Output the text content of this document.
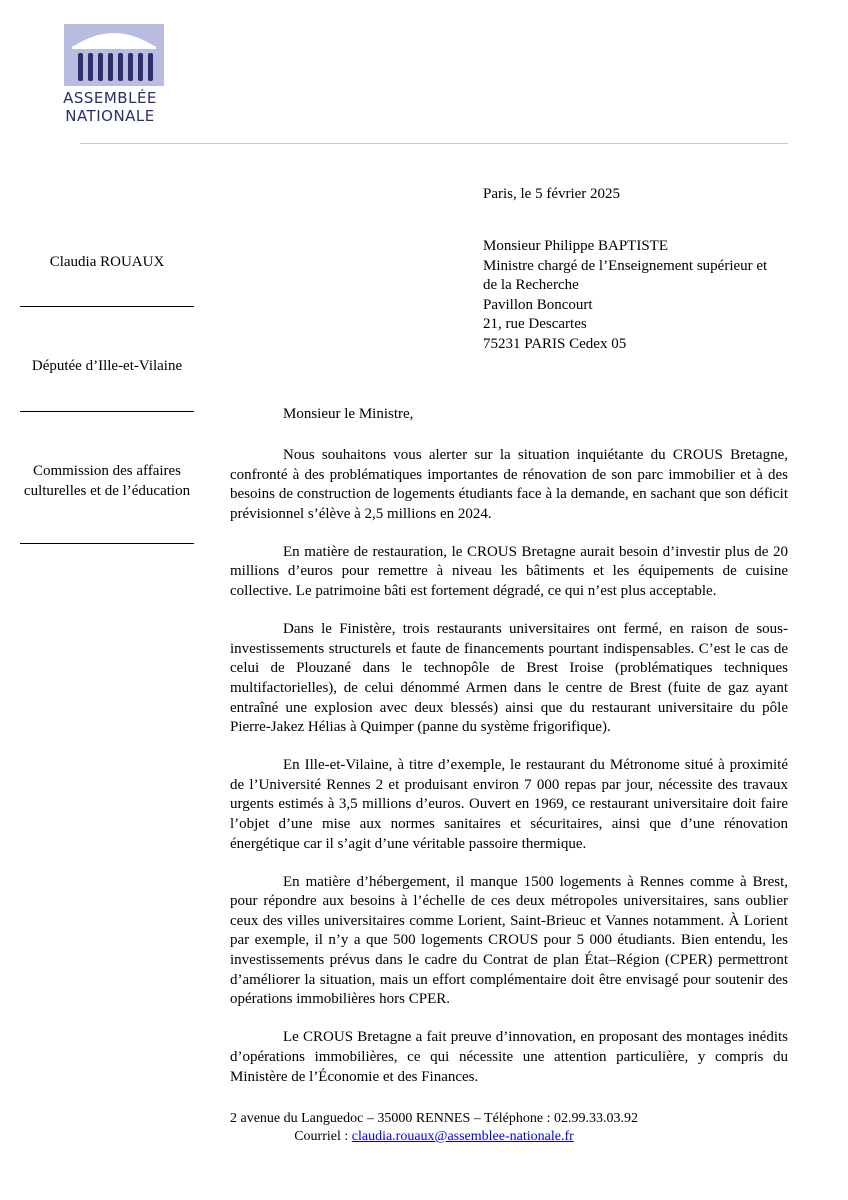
ASSEMBLÉE
NATIONALE
Claudia ROUAUX
Députée d’Ille-et-Vilaine
Commission des affaires culturelles et de l’éducation
Paris, le 5 février 2025
Monsieur Philippe BAPTISTE
Ministre chargé de l’Enseignement supérieur et
de la Recherche
Pavillon Boncourt
21, rue Descartes
75231 PARIS Cedex 05
Monsieur le Ministre,

Nous souhaitons vous alerter sur la situation inquiétante du CROUS Bretagne, confronté à des problématiques importantes de rénovation de son parc immobilier et à des besoins de construction de logements étudiants face à la demande, en sachant que son déficit prévisionnel s’élève à 2,5 millions en 2024.

En matière de restauration, le CROUS Bretagne aurait besoin d’investir plus de 20 millions d’euros pour remettre à niveau les bâtiments et les équipements de cuisine collective. Le patrimoine bâti est fortement dégradé, ce qui n’est plus acceptable.

Dans le Finistère, trois restaurants universitaires ont fermé, en raison de sous-investissements structurels et faute de financements pourtant indispensables. C’est le cas de celui de Plouzané dans le technopôle de Brest Iroise (problématiques techniques multifactorielles), de celui dénommé Armen dans le centre de Brest (fuite de gaz ayant entraîné une explosion avec deux blessés) ainsi que du restaurant universitaire du pôle Pierre-Jakez Hélias à Quimper (panne du système frigorifique).

En Ille-et-Vilaine, à titre d’exemple, le restaurant du Métronome situé à proximité de l’Université Rennes 2 et produisant environ 7 000 repas par jour, nécessite des travaux urgents estimés à 3,5 millions d’euros. Ouvert en 1969, ce restaurant universitaire doit faire l’objet d’une mise aux normes sanitaires et sécuritaires, ainsi que d’une rénovation énergétique car il s’agit d’une véritable passoire thermique.

En matière d’hébergement, il manque 1500 logements à Rennes comme à Brest, pour répondre aux besoins à l’échelle de ces deux métropoles universitaires, sans oublier ceux des villes universitaires comme Lorient, Saint-Brieuc et Vannes notamment. À Lorient par exemple, il n’y a que 500 logements CROUS pour 5 000 étudiants. Bien entendu, les investissements prévus dans le cadre du Contrat de plan État–Région (CPER) permettront d’améliorer la situation, mais un effort complémentaire doit être envisagé pour soutenir des opérations immobilières hors CPER.

Le CROUS Bretagne a fait preuve d’innovation, en proposant des montages inédits d’opérations immobilières, ce qui nécessite une attention particulière, y compris du Ministère de l’Économie et des Finances.

2 avenue du Languedoc – 35000 RENNES – Téléphone : 02.99.33.03.92
Courriel : claudia.rouaux@assemblee-nationale.fr
